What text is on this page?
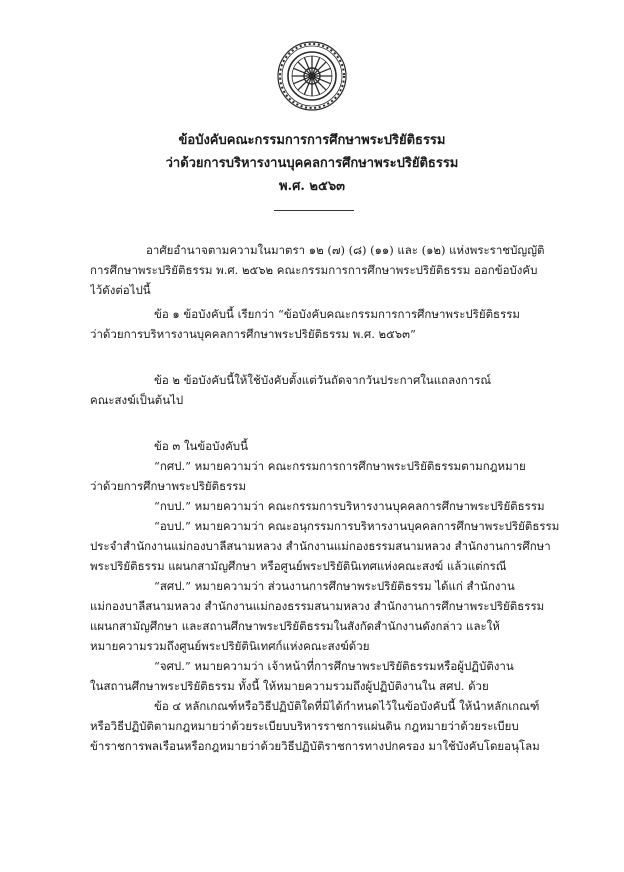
ข้อบังคับคณะกรรมการการศึกษาพระปริยัติธรรม
ว่าด้วยการบริหารงานบุคคลการศึกษาพระปริยัติธรรม
พ.ศ. ๒๕๖๓
อาศัยอำนาจตามความในมาตรา ๑๒ (๗) (๘) (๑๑) และ (๑๒) แห่งพระราชบัญญัติ
การศึกษาพระปริยัติธรรม พ.ศ. ๒๕๖๒ คณะกรรมการการศึกษาพระปริยัติธรรม ออกข้อบังคับ
ไว้ดังต่อไปนี้
ข้อ ๑ ข้อบังคับนี้ เรียกว่า “ข้อบังคับคณะกรรมการการศึกษาพระปริยัติธรรม
ว่าด้วยการบริหารงานบุคคลการศึกษาพระปริยัติธรรม พ.ศ. ๒๕๖๓”
ข้อ ๒ ข้อบังคับนี้ให้ใช้บังคับตั้งแต่วันถัดจากวันประกาศในแถลงการณ์
คณะสงฆ์เป็นต้นไป
ข้อ ๓ ในข้อบังคับนี้
“กศป.” หมายความว่า คณะกรรมการการศึกษาพระปริยัติธรรมตามกฎหมาย
ว่าด้วยการศึกษาพระปริยัติธรรม
“กบป.” หมายความว่า คณะกรรมการบริหารงานบุคคลการศึกษาพระปริยัติธรรม
“อบป.” หมายความว่า คณะอนุกรรมการบริหารงานบุคคลการศึกษาพระปริยัติธรรม
ประจำสำนักงานแม่กองบาลีสนามหลวง สำนักงานแม่กองธรรมสนามหลวง สำนักงานการศึกษา
พระปริยัติธรรม แผนกสามัญศึกษา หรือศูนย์พระปริยัตินิเทศแห่งคณะสงฆ์ แล้วแต่กรณี
“สศป.” หมายความว่า ส่วนงานการศึกษาพระปริยัติธรรม ได้แก่ สำนักงาน
แม่กองบาลีสนามหลวง สำนักงานแม่กองธรรมสนามหลวง สำนักงานการศึกษาพระปริยัติธรรม
แผนกสามัญศึกษา และสถานศึกษาพระปริยัติธรรมในสังกัดสำนักงานดังกล่าว และให้
หมายความรวมถึงศูนย์พระปริยัตินิเทศก์แห่งคณะสงฆ์ด้วย
“จศป.” หมายความว่า เจ้าหน้าที่การศึกษาพระปริยัติธรรมหรือผู้ปฏิบัติงาน
ในสถานศึกษาพระปริยัติธรรม ทั้งนี้ ให้หมายความรวมถึงผู้ปฏิบัติงานใน สศป. ด้วย
ข้อ ๔ หลักเกณฑ์หรือวิธีปฏิบัติใดที่มิได้กำหนดไว้ในข้อบังคับนี้ ให้นำหลักเกณฑ์
หรือวิธีปฏิบัติตามกฎหมายว่าด้วยระเบียบบริหารราชการแผ่นดิน กฎหมายว่าด้วยระเบียบ
ข้าราชการพลเรือนหรือกฎหมายว่าด้วยวิธีปฏิบัติราชการทางปกครอง มาใช้บังคับโดยอนุโลม
